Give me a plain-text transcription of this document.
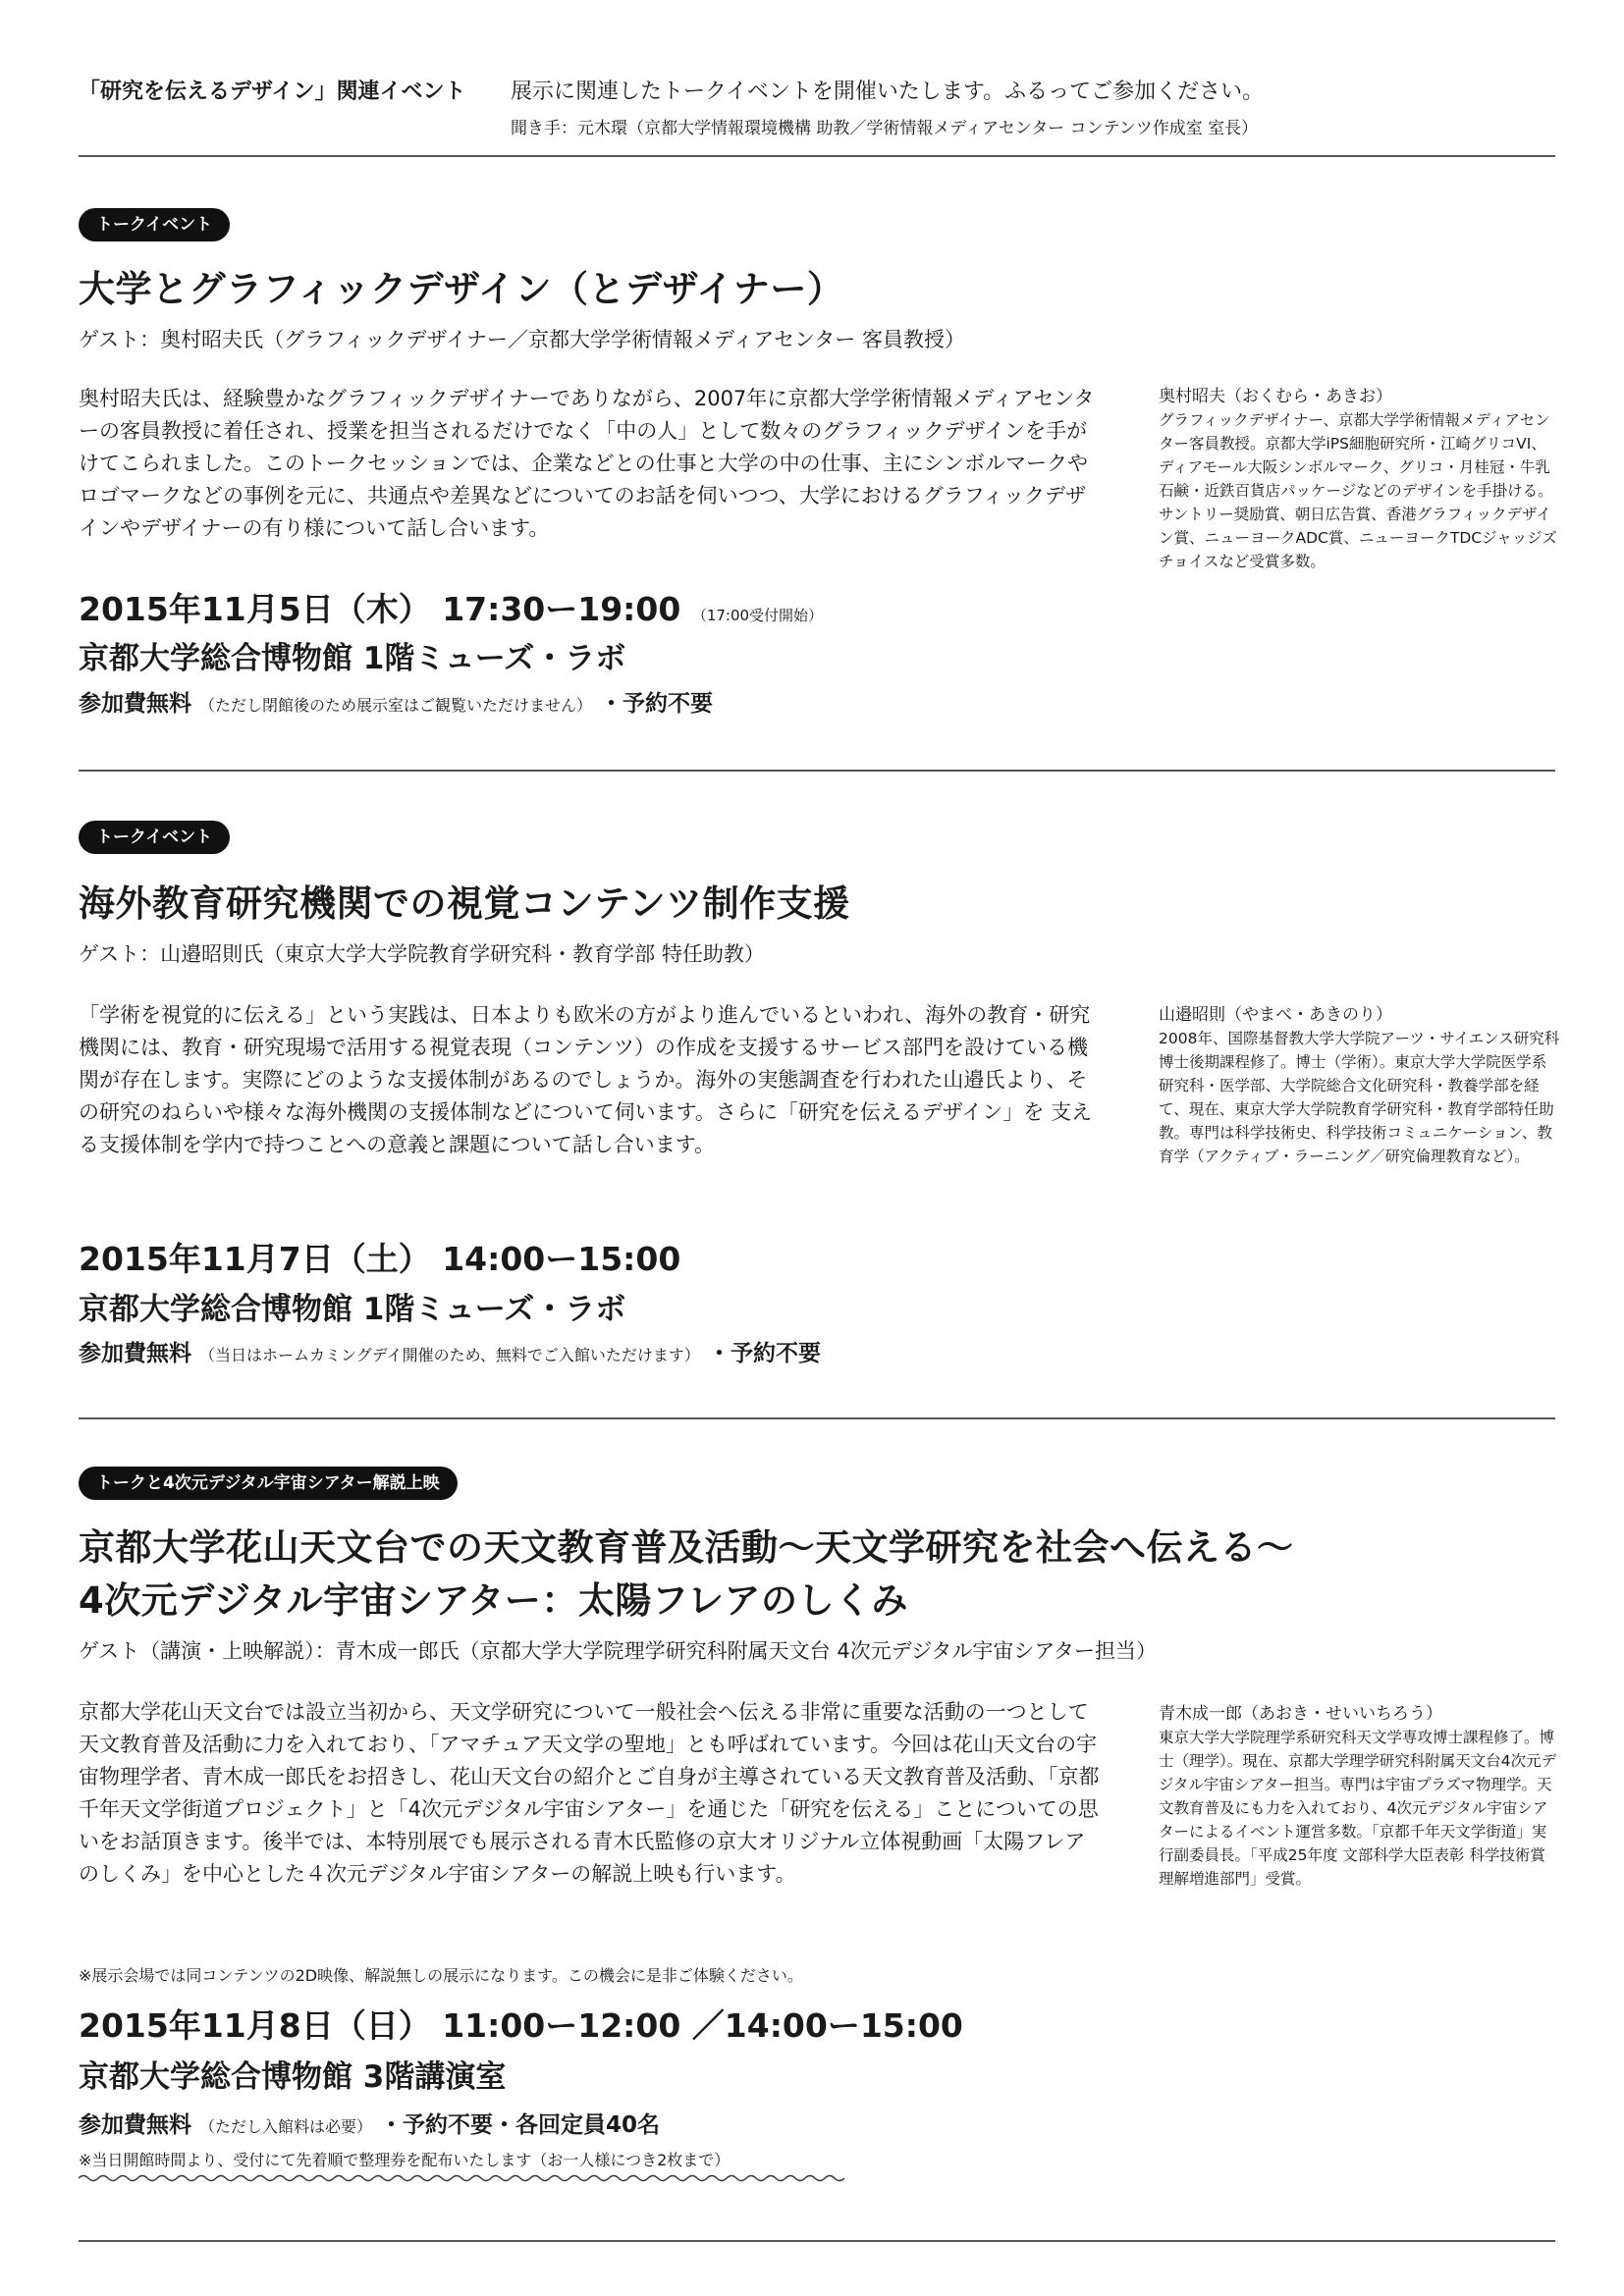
「研究を伝えるデザイン」関連イベント 展示に関連したトークイベントを開催いたします。ふるってご参加ください。
聞き手：元木環（京都大学情報環境機構 助教／学術情報メディアセンター コンテンツ作成室 室長）
トークイベント
大学とグラフィックデザイン（とデザイナー）
ゲスト：奥村昭夫氏（グラフィックデザイナー／京都大学学術情報メディアセンター 客員教授）
奥村昭夫氏は、経験豊かなグラフィックデザイナーでありながら、2007年に京都大学学術情報メディアセンターの客員教授に着任され、授業を担当されるだけでなく「中の人」として数々のグラフィックデザインを手がけてこられました。このトークセッションでは、企業などとの仕事と大学の中の仕事、主にシンボルマークやロゴマークなどの事例を元に、共通点や差異などについてのお話を伺いつつ、大学におけるグラフィックデザインやデザイナーの有り様について話し合います。
2015年11月5日（木） 17:30ー19:00 （17:00受付開始）
京都大学総合博物館 1階ミューズ・ラボ
参加費無料 （ただし閉館後のため展示室はご観覧いただけません） ・予約不要
奥村昭夫（おくむら・あきお）
グラフィックデザイナー、京都大学学術情報メディアセンター客員教授。京都大学iPS細胞研究所・江崎グリコVI、ディアモール大阪シンボルマーク、グリコ・月桂冠・牛乳石鹸・近鉄百貨店パッケージなどのデザインを手掛ける。サントリー奨励賞、朝日広告賞、香港グラフィックデザイン賞、ニューヨークADC賞、ニューヨークTDCジャッジズチョイスなど受賞多数。
トークイベント
海外教育研究機関での視覚コンテンツ制作支援
ゲスト：山邉昭則氏（東京大学大学院教育学研究科・教育学部 特任助教）
「学術を視覚的に伝える」という実践は、日本よりも欧米の方がより進んでいるといわれ、海外の教育・研究機関には、教育・研究現場で活用する視覚表現（コンテンツ）の作成を支援するサービス部門を設けている機関が存在します。実際にどのような支援体制があるのでしょうか。海外の実態調査を行われた山邉氏より、その研究のねらいや様々な海外機関の支援体制などについて伺います。さらに「研究を伝えるデザイン」を 支える支援体制を学内で持つことへの意義と課題について話し合います。
2015年11月7日（土） 14:00ー15:00
京都大学総合博物館 1階ミューズ・ラボ
参加費無料 （当日はホームカミングデイ開催のため、無料でご入館いただけます） ・予約不要
山邉昭則（やまべ・あきのり）
2008年、国際基督教大学大学院アーツ・サイエンス研究科博士後期課程修了。博士（学術）。東京大学大学院医学系研究科・医学部、大学院総合文化研究科・教養学部を経て、現在、東京大学大学院教育学研究科・教育学部特任助教。専門は科学技術史、科学技術コミュニケーション、教育学（アクティブ・ラーニング／研究倫理教育など）。
トークと4次元デジタル宇宙シアター解説上映
京都大学花山天文台での天文教育普及活動～天文学研究を社会へ伝える～
4次元デジタル宇宙シアター：太陽フレアのしくみ
ゲスト（講演・上映解説）：青木成一郎氏（京都大学大学院理学研究科附属天文台 4次元デジタル宇宙シアター担当）
京都大学花山天文台では設立当初から、天文学研究について一般社会へ伝える非常に重要な活動の一つとして天文教育普及活動に力を入れており、「アマチュア天文学の聖地」とも呼ばれています。今回は花山天文台の宇宙物理学者、青木成一郎氏をお招きし、花山天文台の紹介とご自身が主導されている天文教育普及活動、「京都千年天文学街道プロジェクト」と「4次元デジタル宇宙シアター」を通じた「研究を伝える」ことについての思いをお話頂きます。後半では、本特別展でも展示される青木氏監修の京大オリジナル立体視動画「太陽フレアのしくみ」を中心とした４次元デジタル宇宙シアターの解説上映も行います。
※展示会場では同コンテンツの2D映像、解説無しの展示になります。この機会に是非ご体験ください。
2015年11月8日（日） 11:00ー12:00 ／14:00ー15:00
京都大学総合博物館 3階講演室
参加費無料 （ただし入館料は必要） ・予約不要・各回定員40名
※当日開館時間より、受付にて先着順で整理券を配布いたします（お一人様につき2枚まで）
青木成一郎（あおき・せいいちろう）
東京大学大学院理学系研究科天文学専攻博士課程修了。博士（理学）。現在、京都大学理学研究科附属天文台4次元デジタル宇宙シアター担当。専門は宇宙プラズマ物理学。天文教育普及にも力を入れており、4次元デジタル宇宙シアターによるイベント運営多数。「京都千年天文学街道」実行副委員長。「平成25年度 文部科学大臣表彰 科学技術賞 理解増進部門」受賞。
